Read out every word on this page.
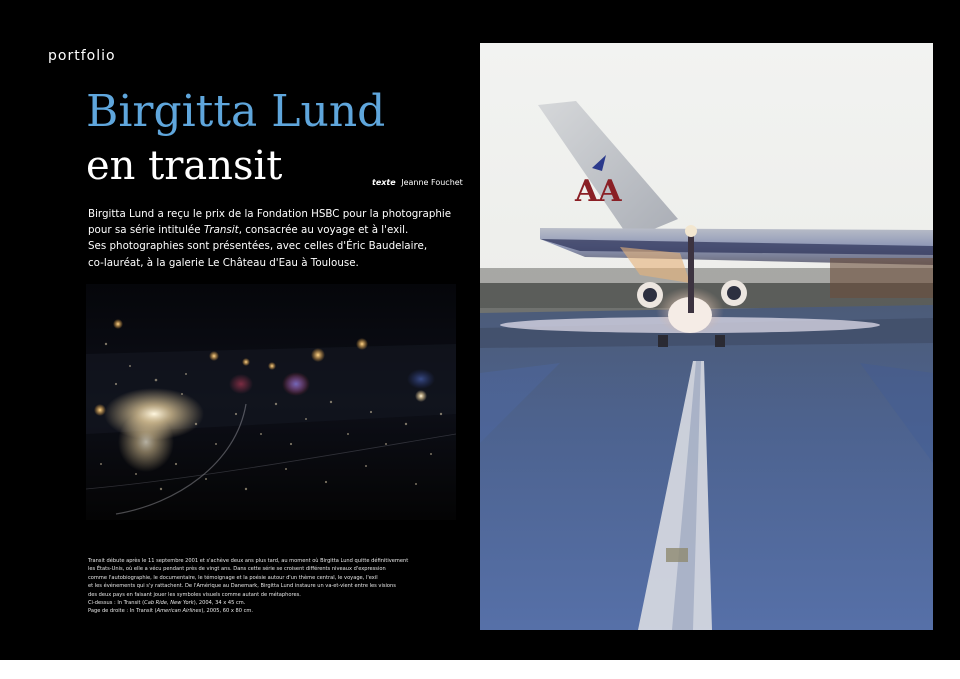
portfolio
Birgitta Lund
en transit	texte Jeanne Fouchet
Birgitta Lund a reçu le prix de la Fondation HSBC pour la photographie
pour sa série intitulée Transit, consacrée au voyage et à l'exil.
Ses photographies sont présentées, avec celles d'Éric Baudelaire,
co-lauréat, à la galerie Le Château d'Eau à Toulouse.
Transit débute après le 11 septembre 2001 et s'achève deux ans plus tard, au moment où Birgitta Lund quitte définitivement
les États-Unis, où elle a vécu pendant près de vingt ans. Dans cette série se croisent différents niveaux d'expression
comme l'autobiographie, le documentaire, le témoignage et la poésie autour d'un thème central, le voyage, l'exil
et les événements qui s'y rattachent. De l'Amérique au Danemark, Birgitta Lund instaure un va-et-vient entre les visions
des deux pays en faisant jouer les symboles visuels comme autant de métaphores.
Ci-dessus : In Transit (Cab Ride, New York), 2004, 34 x 45 cm.
Page de droite : In Transit (American Airlines), 2005, 60 x 80 cm.
AA
